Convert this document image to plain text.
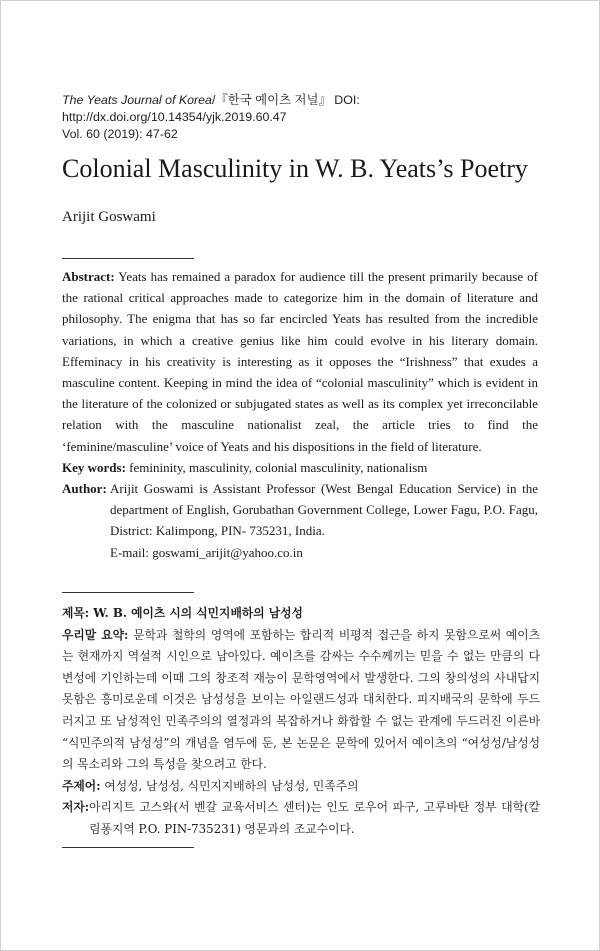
The Yeats Journal of Korea/『한국 예이츠 저널』 DOI: http://dx.doi.org/10.14354/yjk.2019.60.47
Vol. 60 (2019): 47-62
Colonial Masculinity in W. B. Yeats’s Poetry
Arijit Goswami

Abstract: Yeats has remained a paradox for audience till the present primarily because of the rational critical approaches made to categorize him in the domain of literature and philosophy. The enigma that has so far encircled Yeats has resulted from the incredible variations, in which a creative genius like him could evolve in his literary domain. Effeminacy in his creativity is interesting as it opposes the “Irishness” that exudes a masculine content. Keeping in mind the idea of “colonial masculinity” which is evident in the literature of the colonized or subjugated states as well as its complex yet irreconcilable relation with the masculine nationalist zeal, the article tries to find the ‘feminine/masculine’ voice of Yeats and his dispositions in the field of literature.

Key words: femininity, masculinity, colonial masculinity, nationalism

Author: Arijit Goswami is Assistant Professor (West Bengal Education Service) in the department of English, Gorubathan Government College, Lower Fagu, P.O. Fagu, District: Kalimpong, PIN- 735231, India.
E-mail: goswami_arijit@yahoo.co.in

제목: W. B. 예이츠 시의 식민지배하의 남성성

우리말 요약: 문학과 철학의 영역에 포함하는 합리적 비평적 접근을 하지 못함으로써 예이츠는 현재까지 역설적 시인으로 남아있다. 예이츠를 감싸는 수수께끼는 믿을 수 없는 만큼의 다변성에 기인하는데 이때 그의 창조적 재능이 문학영역에서 발생한다. 그의 창의성의 사내답지 못함은 흥미로운데 이것은 남성성을 보이는 아일랜드성과 대치한다. 피지배국의 문학에 두드러지고 또 남성적인 민족주의의 열정과의 복잡하거나 화합할 수 없는 관계에 두드러진 이른바 “식민주의적 남성성”의 개념을 염두에 둔, 본 논문은 문학에 있어서 예이츠의 “여성성/남성성의 목소리와 그의 특성을 찾으려고 한다.

주제어: 여성성, 남성성, 식민지지배하의 남성성, 민족주의

저자: 아리지트 고스와(서 벤갈 교육서비스 센터)는 인도 로우어 파구, 고루바탄 정부 대학(칼림퐁지역 P.O. PIN-735231) 영문과의 조교수이다.
